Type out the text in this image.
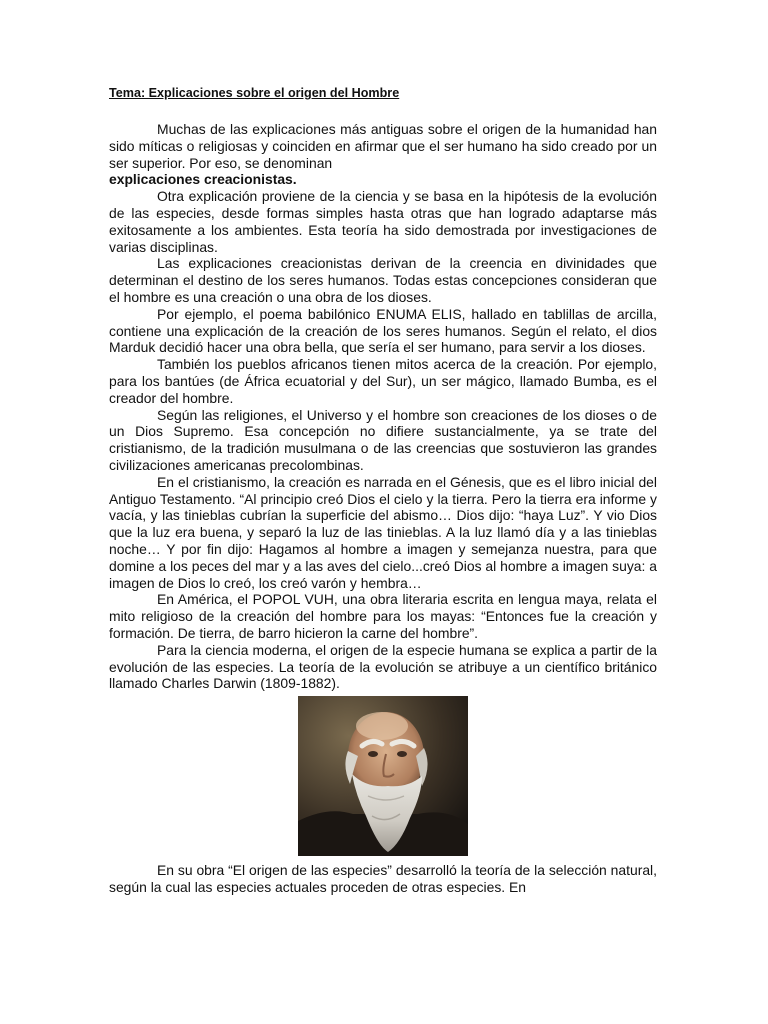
Tema: Explicaciones sobre el origen del Hombre

Muchas de las explicaciones más antiguas sobre el origen de la humanidad han sido míticas o religiosas y coinciden en afirmar que el ser humano ha sido creado por un ser superior. Por eso, se denominan
explicaciones creacionistas.

Otra explicación proviene de la ciencia y se basa en la hipótesis de la evolución de las especies, desde formas simples hasta otras que han logrado adaptarse más exitosamente a los ambientes. Esta teoría ha sido demostrada por investigaciones de varias disciplinas.

Las explicaciones creacionistas derivan de la creencia en divinidades que determinan el destino de los seres humanos. Todas estas concepciones consideran que el hombre es una creación o una obra de los dioses.

Por ejemplo, el poema babilónico ENUMA ELIS, hallado en tablillas de arcilla, contiene una explicación de la creación de los seres humanos. Según el relato, el dios Marduk decidió hacer una obra bella, que sería el ser humano, para servir a los dioses.

También los pueblos africanos tienen mitos acerca de la creación. Por ejemplo, para los bantúes (de África ecuatorial y del Sur), un ser mágico, llamado Bumba, es el creador del hombre.

Según las religiones, el Universo y el hombre son creaciones de los dioses o de un Dios Supremo. Esa concepción no difiere sustancialmente, ya se trate del cristianismo, de la tradición musulmana o de las creencias que sostuvieron las grandes civilizaciones americanas precolombinas.

En el cristianismo, la creación es narrada en el Génesis, que es el libro inicial del Antiguo Testamento. “Al principio creó Dios el cielo y la tierra. Pero la tierra era informe y vacía, y las tinieblas cubrían la superficie del abismo… Dios dijo: “haya Luz”. Y vio Dios que la luz era buena, y separó la luz de las tinieblas. A la luz llamó día y a las tinieblas noche… Y por fin dijo: Hagamos al hombre a imagen y semejanza nuestra, para que domine a los peces del mar y a las aves del cielo...creó Dios al hombre a imagen suya: a imagen de Dios lo creó, los creó varón y hembra…

En América, el POPOL VUH, una obra literaria escrita en lengua maya, relata el mito religioso de la creación del hombre para los mayas: “Entonces fue la creación y formación. De tierra, de barro hicieron la carne del hombre”.

Para la ciencia moderna, el origen de la especie humana se explica a partir de la evolución de las especies. La teoría de la evolución se atribuye a un científico británico llamado Charles Darwin (1809-1882).

En su obra “El origen de las especies” desarrolló la teoría de la selección natural, según la cual las especies actuales proceden de otras especies. En
